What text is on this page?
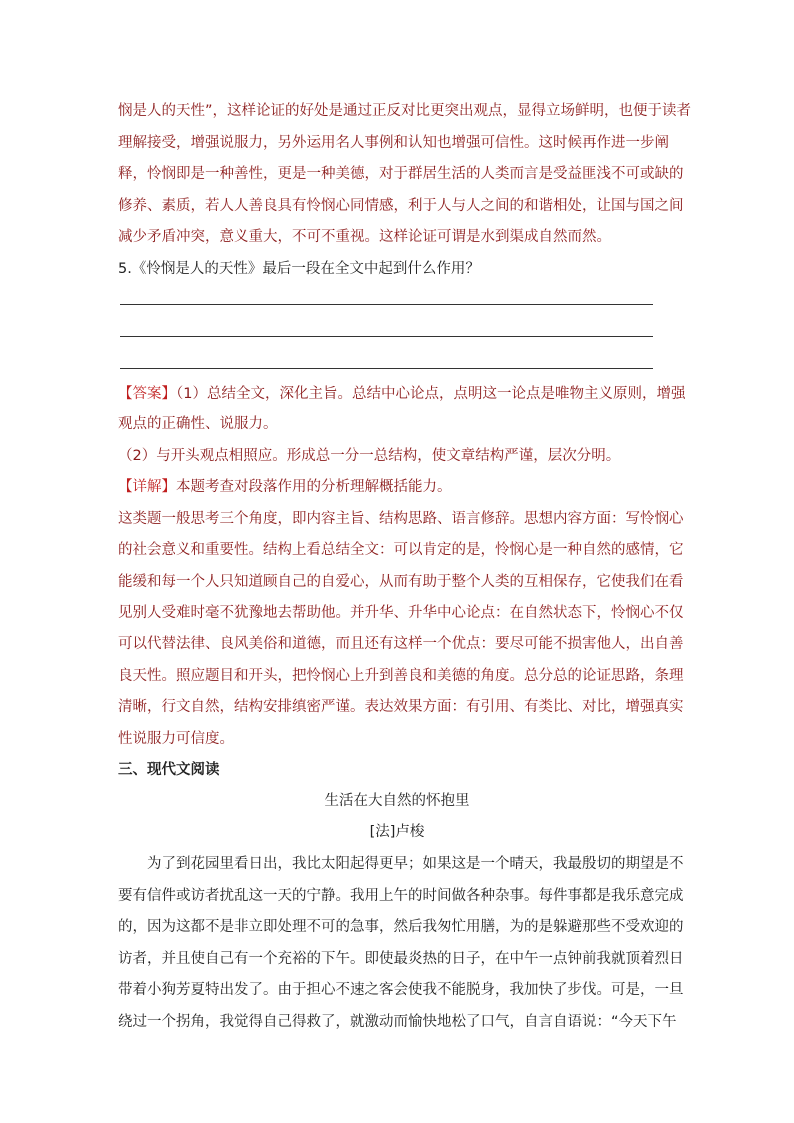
悯是人的天性”，这样论证的好处是通过正反对比更突出观点，显得立场鲜明，也便于读者
理解接受，增强说服力，另外运用名人事例和认知也增强可信性。这时候再作进一步阐
释，怜悯即是一种善性，更是一种美德，对于群居生活的人类而言是受益匪浅不可或缺的
修养、素质，若人人善良具有怜悯心同情感，利于人与人之间的和谐相处，让国与国之间
减少矛盾冲突，意义重大，不可不重视。这样论证可谓是水到渠成自然而然。
5.《怜悯是人的天性》最后一段在全文中起到什么作用？
【答案】（1）总结全文，深化主旨。总结中心论点，点明这一论点是唯物主义原则，增强
观点的正确性、说服力。
（2）与开头观点相照应。形成总一分一总结构，使文章结构严谨，层次分明。
【详解】本题考查对段落作用的分析理解概括能力。
这类题一般思考三个角度，即内容主旨、结构思路、语言修辞。思想内容方面：写怜悯心
的社会意义和重要性。结构上看总结全文：可以肯定的是，怜悯心是一种自然的感情，它
能缓和每一个人只知道顾自己的自爱心，从而有助于整个人类的互相保存，它使我们在看
见别人受难时毫不犹豫地去帮助他。并升华、升华中心论点：在自然状态下，怜悯心不仅
可以代替法律、良风美俗和道德，而且还有这样一个优点：要尽可能不损害他人，出自善
良天性。照应题目和开头，把怜悯心上升到善良和美德的角度。总分总的论证思路，条理
清晰，行文自然，结构安排缜密严谨。表达效果方面：有引用、有类比、对比，增强真实
性说服力可信度。
三、现代文阅读
生活在大自然的怀抱里
[法]卢梭
为了到花园里看日出，我比太阳起得更早；如果这是一个晴天，我最殷切的期望是不
要有信件或访者扰乱这一天的宁静。我用上午的时间做各种杂事。每件事都是我乐意完成
的，因为这都不是非立即处理不可的急事，然后我匆忙用膳，为的是躲避那些不受欢迎的
访者，并且使自己有一个充裕的下午。即使最炎热的日子，在中午一点钟前我就顶着烈日
带着小狗芳夏特出发了。由于担心不速之客会使我不能脱身，我加快了步伐。可是，一旦
绕过一个拐角，我觉得自己得救了，就激动而愉快地松了口气，自言自语说：“今天下午
